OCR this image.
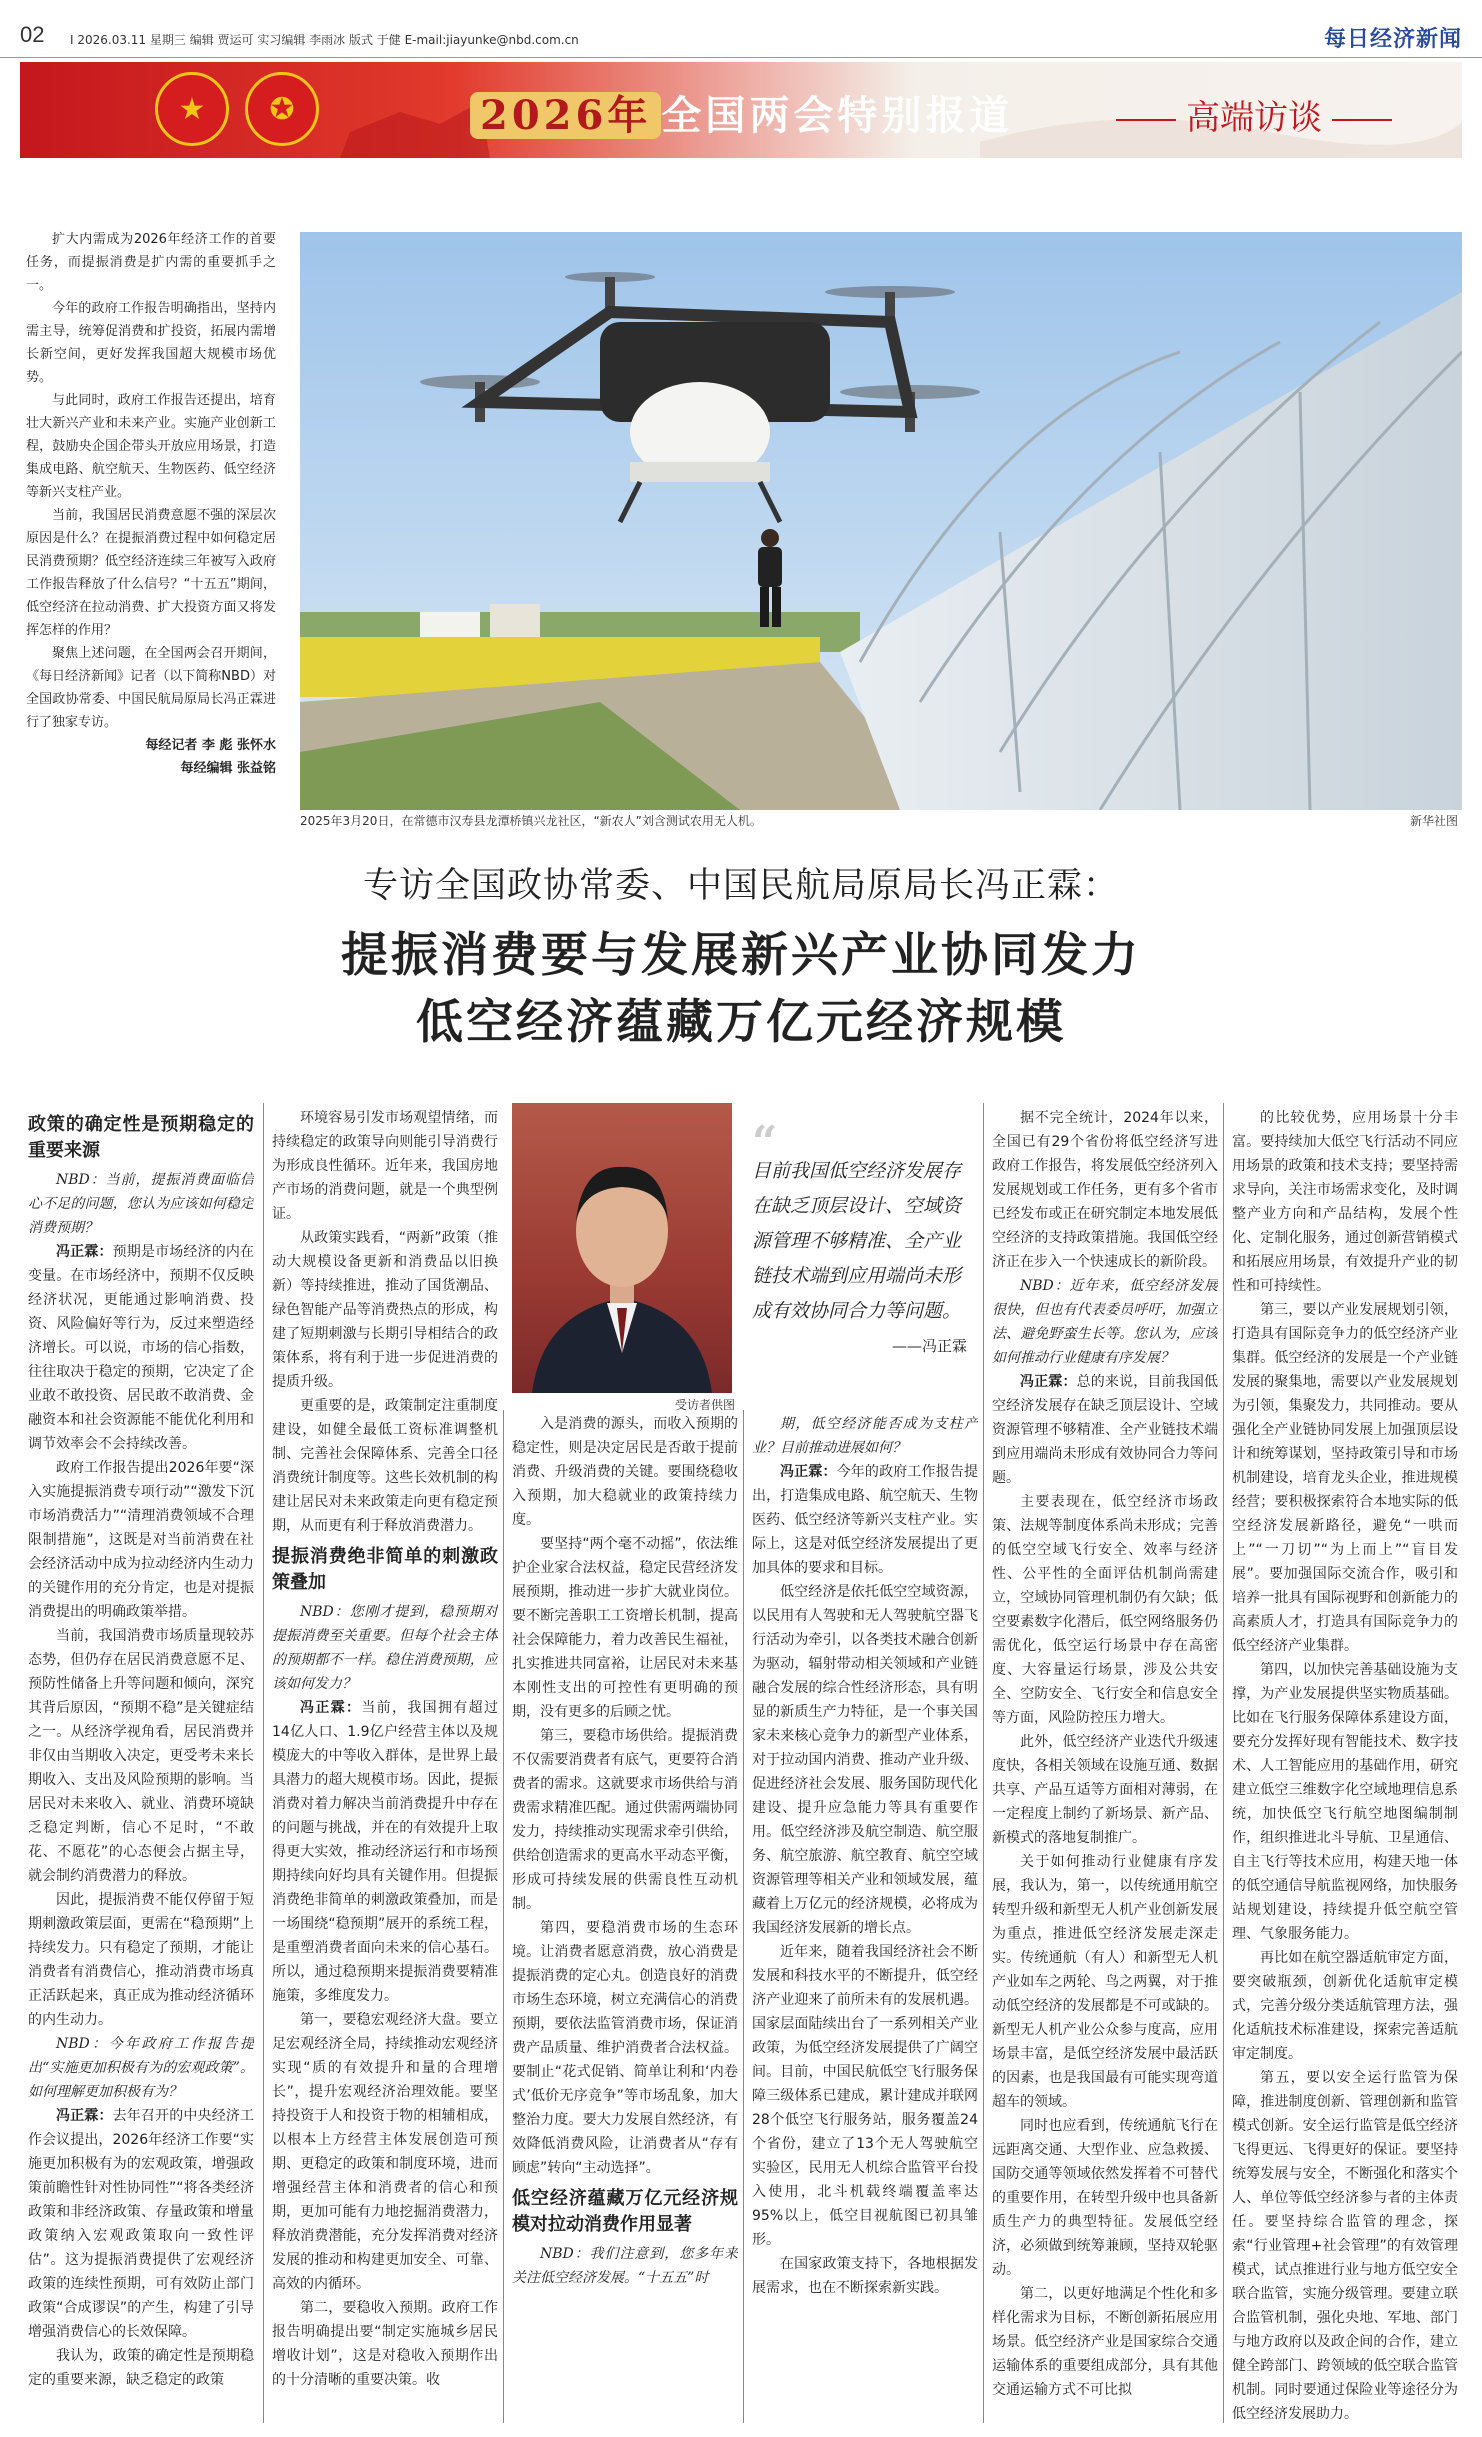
02 I 2026.03.11 星期三 编辑 贾运可 实习编辑 李雨冰 版式 于健 E-mail:jiayunke@nbd.com.cn	每日经济新闻
★	✪	2026年 全国两会特别报道	高端访谈

扩大内需成为2026年经济工作的首要任务，而提振消费是扩内需的重要抓手之一。

今年的政府工作报告明确指出，坚持内需主导，统筹促消费和扩投资，拓展内需增长新空间，更好发挥我国超大规模市场优势。

与此同时，政府工作报告还提出，培育壮大新兴产业和未来产业。实施产业创新工程，鼓励央企国企带头开放应用场景，打造集成电路、航空航天、生物医药、低空经济等新兴支柱产业。

当前，我国居民消费意愿不强的深层次原因是什么？在提振消费过程中如何稳定居民消费预期？低空经济连续三年被写入政府工作报告释放了什么信号？“十五五”期间，低空经济在拉动消费、扩大投资方面又将发挥怎样的作用？

聚焦上述问题，在全国两会召开期间，《每日经济新闻》记者（以下简称NBD）对全国政协常委、中国民航局原局长冯正霖进行了独家专访。

每经记者 李 彪 张怀水

每经编辑 张益铭

2025年3月20日，在常德市汉寿县龙潭桥镇兴龙社区，“新农人”刘含测试农用无人机。	新华社图
专访全国政协常委、中国民航局原局长冯正霖：
提振消费要与发展新兴产业协同发力
低空经济蕴藏万亿元经济规模
受访者供图
“
目前我国低空经济发展存在缺乏顶层设计、空域资源管理不够精准、全产业链技术端到应用端尚未形成有效协同合力等问题。
——冯正霖
政策的确定性是预期稳定的重要来源

NBD：当前，提振消费面临信心不足的问题，您认为应该如何稳定消费预期？

冯正霖：预期是市场经济的内在变量。在市场经济中，预期不仅反映经济状况，更能通过影响消费、投资、风险偏好等行为，反过来塑造经济增长。可以说，市场的信心指数，往往取决于稳定的预期，它决定了企业敢不敢投资、居民敢不敢消费、金融资本和社会资源能不能优化利用和调节效率会不会持续改善。

政府工作报告提出2026年要“深入实施提振消费专项行动”“激发下沉市场消费活力”“清理消费领域不合理限制措施”，这既是对当前消费在社会经济活动中成为拉动经济内生动力的关键作用的充分肯定，也是对提振消费提出的明确政策举措。

当前，我国消费市场质量现较苏态势，但仍存在居民消费意愿不足、预防性储备上升等问题和倾向，深究其背后原因，“预期不稳”是关键症结之一。从经济学视角看，居民消费并非仅由当期收入决定，更受考未来长期收入、支出及风险预期的影响。当居民对未来收入、就业、消费环境缺乏稳定判断，信心不足时，“不敢花、不愿花”的心态便会占据主导，就会制约消费潜力的释放。

因此，提振消费不能仅停留于短期刺激政策层面，更需在“稳预期”上持续发力。只有稳定了预期，才能让消费者有消费信心，推动消费市场真正活跃起来，真正成为推动经济循环的内生动力。

NBD：今年政府工作报告提出“实施更加积极有为的宏观政策”。如何理解更加积极有为？

冯正霖：去年召开的中央经济工作会议提出，2026年经济工作要“实施更加积极有为的宏观政策，增强政策前瞻性针对性协同性”“将各类经济政策和非经济政策、存量政策和增量政策纳入宏观政策取向一致性评估”。这为提振消费提供了宏观经济政策的连续性预期，可有效防止部门政策“合成谬误”的产生，构建了引导增强消费信心的长效保障。

我认为，政策的确定性是预期稳定的重要来源，缺乏稳定的政策

环境容易引发市场观望情绪，而持续稳定的政策导向则能引导消费行为形成良性循环。近年来，我国房地产市场的消费问题，就是一个典型例证。

从政策实践看，“两新”政策（推动大规模设备更新和消费品以旧换新）等持续推进，推动了国货潮品、绿色智能产品等消费热点的形成，构建了短期刺激与长期引导相结合的政策体系，将有利于进一步促进消费的提质升级。

更重要的是，政策制定注重制度建设，如健全最低工资标准调整机制、完善社会保障体系、完善全口径消费统计制度等。这些长效机制的构建让居民对未来政策走向更有稳定预期，从而更有利于释放消费潜力。

提振消费绝非简单的刺激政策叠加

NBD：您刚才提到，稳预期对提振消费至关重要。但每个社会主体的预期都不一样。稳住消费预期，应该如何发力？

冯正霖：当前，我国拥有超过14亿人口、1.9亿户经营主体以及规模庞大的中等收入群体，是世界上最具潜力的超大规模市场。因此，提振消费对着力解决当前消费提升中存在的问题与挑战，并在的有效提升上取得更大实效，推动经济运行和市场预期持续向好均具有关键作用。但提振消费绝非简单的刺激政策叠加，而是一场围绕“稳预期”展开的系统工程，是重塑消费者面向未来的信心基石。所以，通过稳预期来提振消费要精准施策，多维度发力。

第一，要稳宏观经济大盘。要立足宏观经济全局，持续推动宏观经济实现“质的有效提升和量的合理增长”，提升宏观经济治理效能。要坚持投资于人和投资于物的相辅相成，以根本上方经营主体发展创造可预期、更稳定的政策和制度环境，进而增强经营主体和消费者的信心和预期，更加可能有力地挖掘消费潜力，释放消费潜能，充分发挥消费对经济发展的推动和构建更加安全、可靠、高效的内循环。

第二，要稳收入预期。政府工作报告明确提出要“制定实施城乡居民增收计划”，这是对稳收入预期作出的十分清晰的重要决策。收

入是消费的源头，而收入预期的稳定性，则是决定居民是否敢于提前消费、升级消费的关键。要围绕稳收入预期，加大稳就业的政策持续力度。

要坚持“两个毫不动摇”，依法维护企业家合法权益，稳定民营经济发展预期，推动进一步扩大就业岗位。要不断完善职工工资增长机制，提高社会保障能力，着力改善民生福祉，扎实推进共同富裕，让居民对未来基本刚性支出的可控性有更明确的预期，没有更多的后顾之忧。

第三，要稳市场供给。提振消费不仅需要消费者有底气，更要符合消费者的需求。这就要求市场供给与消费需求精准匹配。通过供需两端协同发力，持续推动实现需求牵引供给，供给创造需求的更高水平动态平衡，形成可持续发展的供需良性互动机制。

第四，要稳消费市场的生态环境。让消费者愿意消费，放心消费是提振消费的定心丸。创造良好的消费市场生态环境，树立充满信心的消费预期，要依法监管消费市场，保证消费产品质量、维护消费者合法权益。要制止“花式促销、简单让利和‘内卷式’低价无序竞争”等市场乱象，加大整治力度。要大力发展自然经济，有效降低消费风险，让消费者从“存有顾虑”转向“主动选择”。

低空经济蕴藏万亿元经济规模对拉动消费作用显著

NBD：我们注意到，您多年来关注低空经济发展。“十五五”时

期，低空经济能否成为支柱产业？目前推动进展如何？

冯正霖：今年的政府工作报告提出，打造集成电路、航空航天、生物医药、低空经济等新兴支柱产业。实际上，这是对低空经济发展提出了更加具体的要求和目标。

低空经济是依托低空空域资源，以民用有人驾驶和无人驾驶航空器飞行活动为牵引，以各类技术融合创新为驱动，辐射带动相关领域和产业链融合发展的综合性经济形态，具有明显的新质生产力特征，是一个事关国家未来核心竞争力的新型产业体系，对于拉动国内消费、推动产业升级、促进经济社会发展、服务国防现代化建设、提升应急能力等具有重要作用。低空经济涉及航空制造、航空服务、航空旅游、航空教育、航空空域资源管理等相关产业和领域发展，蕴藏着上万亿元的经济规模，必将成为我国经济发展新的增长点。

近年来，随着我国经济社会不断发展和科技水平的不断提升，低空经济产业迎来了前所未有的发展机遇。国家层面陆续出台了一系列相关产业政策，为低空经济发展提供了广阔空间。目前，中国民航低空飞行服务保障三级体系已建成，累计建成并联网28个低空飞行服务站，服务覆盖24个省份，建立了13个无人驾驶航空实验区，民用无人机综合监管平台投入使用，北斗机载终端覆盖率达95%以上，低空目视航图已初具雏形。

在国家政策支持下，各地根据发展需求，也在不断探索新实践。

据不完全统计，2024年以来，全国已有29个省份将低空经济写进政府工作报告，将发展低空经济列入发展规划或工作任务，更有多个省市已经发布或正在研究制定本地发展低空经济的支持政策措施。我国低空经济正在步入一个快速成长的新阶段。

NBD：近年来，低空经济发展很快，但也有代表委员呼吁，加强立法、避免野蛮生长等。您认为，应该如何推动行业健康有序发展？

冯正霖：总的来说，目前我国低空经济发展存在缺乏顶层设计、空域资源管理不够精准、全产业链技术端到应用端尚未形成有效协同合力等问题。

主要表现在，低空经济市场政策、法规等制度体系尚未形成；完善的低空空域飞行安全、效率与经济性、公平性的全面评估机制尚需建立，空域协同管理机制仍有欠缺；低空要素数字化潜后，低空网络服务仍需优化，低空运行场景中存在高密度、大容量运行场景，涉及公共安全、空防安全、飞行安全和信息安全等方面，风险防控压力增大。

此外，低空经济产业迭代升级速度快，各相关领域在设施互通、数据共享、产品互适等方面相对薄弱，在一定程度上制约了新场景、新产品、新模式的落地复制推广。

关于如何推动行业健康有序发展，我认为，第一，以传统通用航空转型升级和新型无人机产业创新发展为重点，推进低空经济发展走深走实。传统通航（有人）和新型无人机产业如车之两轮、鸟之两翼，对于推动低空经济的发展都是不可或缺的。新型无人机产业公众参与度高，应用场景丰富，是低空经济发展中最活跃的因素，也是我国最有可能实现弯道超车的领域。

同时也应看到，传统通航飞行在远距离交通、大型作业、应急救援、国防交通等领域依然发挥着不可替代的重要作用，在转型升级中也具备新质生产力的典型特征。发展低空经济，必须做到统筹兼顾，坚持双轮驱动。

第二，以更好地满足个性化和多样化需求为目标，不断创新拓展应用场景。低空经济产业是国家综合交通运输体系的重要组成部分，具有其他交通运输方式不可比拟

的比较优势，应用场景十分丰富。要持续加大低空飞行活动不同应用场景的政策和技术支持；要坚持需求导向，关注市场需求变化，及时调整产业方向和产品结构，发展个性化、定制化服务，通过创新营销模式和拓展应用场景，有效提升产业的韧性和可持续性。

第三，要以产业发展规划引领，打造具有国际竞争力的低空经济产业集群。低空经济的发展是一个产业链发展的聚集地，需要以产业发展规划为引领，集聚发力，共同推动。要从强化全产业链协同发展上加强顶层设计和统筹谋划，坚持政策引导和市场机制建设，培育龙头企业，推进规模经营；要积极探索符合本地实际的低空经济发展新路径，避免“一哄而上”“一刀切”“为上而上”“盲目发展”。要加强国际交流合作，吸引和培养一批具有国际视野和创新能力的高素质人才，打造具有国际竞争力的低空经济产业集群。

第四，以加快完善基础设施为支撑，为产业发展提供坚实物质基础。比如在飞行服务保障体系建设方面，要充分发挥好现有智能技术、数字技术、人工智能应用的基础作用，研究建立低空三维数字化空域地理信息系统，加快低空飞行航空地图编制制作，组织推进北斗导航、卫星通信、自主飞行等技术应用，构建天地一体的低空通信导航监视网络，加快服务站规划建设，持续提升低空航空管理、气象服务能力。

再比如在航空器适航审定方面，要突破瓶颈，创新优化适航审定模式，完善分级分类适航管理方法，强化适航技术标准建设，探索完善适航审定制度。

第五，要以安全运行监管为保障，推进制度创新、管理创新和监管模式创新。安全运行监管是低空经济飞得更远、飞得更好的保证。要坚持统筹发展与安全，不断强化和落实个人、单位等低空经济参与者的主体责任。要坚持综合监管的理念，探索“行业管理+社会管理”的有效管理模式，试点推进行业与地方低空安全联合监管，实施分级管理。要建立联合监管机制，强化央地、军地、部门与地方政府以及政企间的合作，建立健全跨部门、跨领域的低空联合监管机制。同时要通过保险业等途径分为低空经济发展助力。
